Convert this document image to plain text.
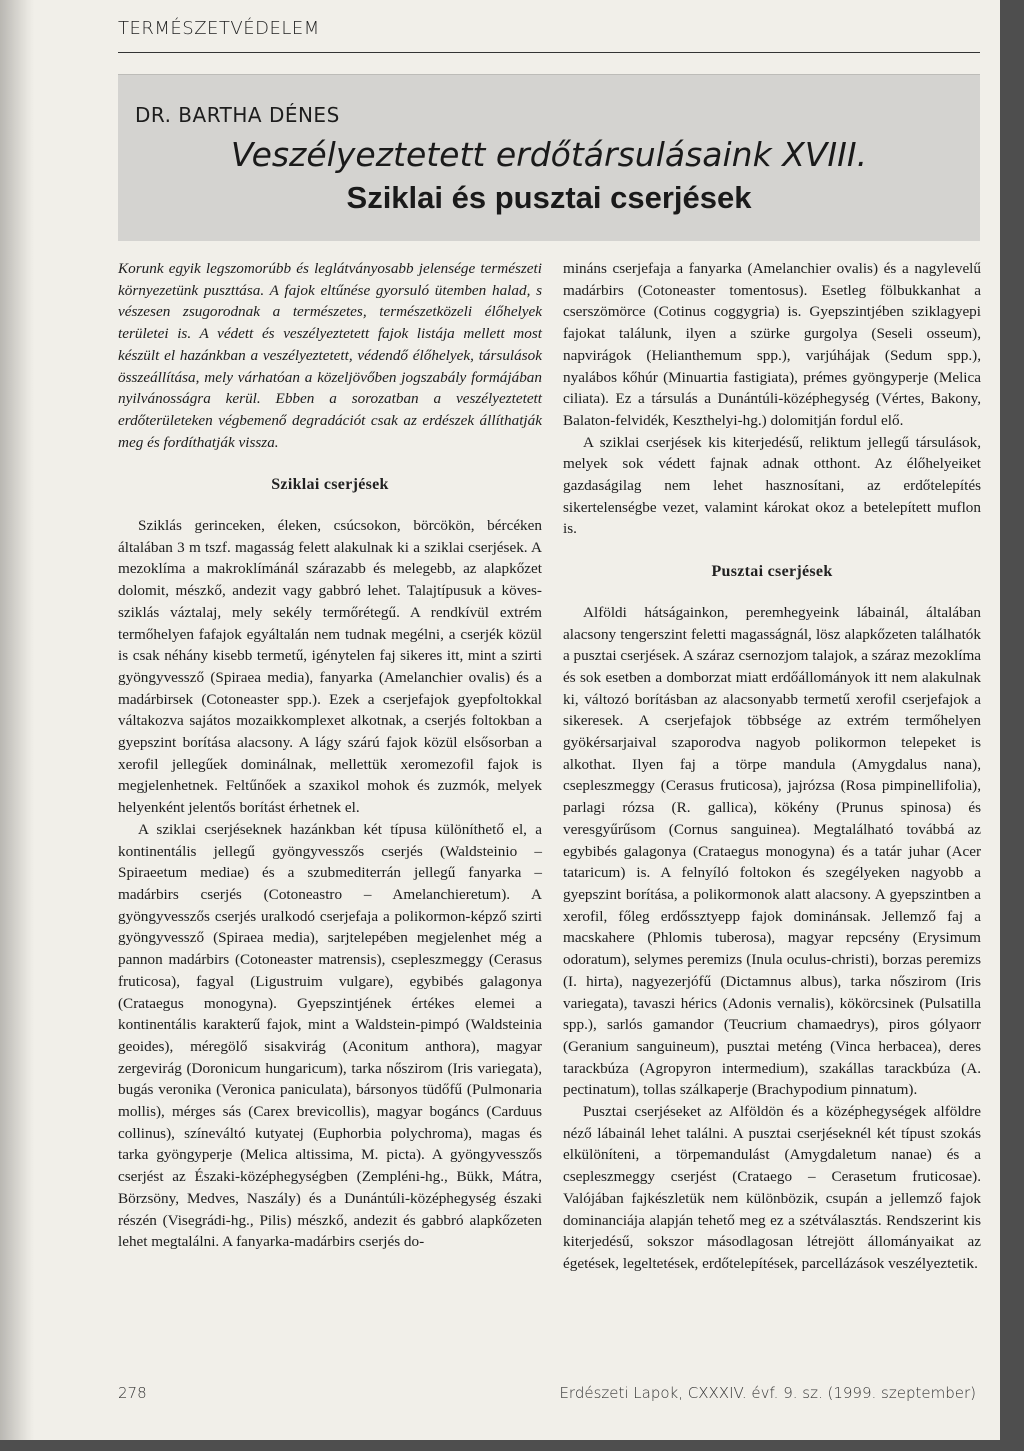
TERMÉSZETVÉDELEM
DR. BARTHA DÉNES
Veszélyeztetett erdőtársulásaink XVIII.
Sziklai és pusztai cserjések

Korunk egyik legszomorúbb és leglátványosabb jelensége természeti környezetünk puszttása. A fajok eltűnése gyorsuló ütemben halad, s vészesen zsugorodnak a természetes, természetközeli élőhelyek területei is. A védett és veszélyeztetett fajok listája mellett most készült el hazánkban a veszélyeztetett, védendő élőhelyek, társulások összeállítása, mely várhatóan a közeljövőben jogszabály formájában nyilvánosságra kerül. Ebben a sorozatban a veszélyeztetett erdőterületeken végbemenő degradációt csak az erdészek állíthatják meg és fordíthatják vissza.

Sziklai cserjések

Sziklás gerinceken, éleken, csúcsokon, börcökön, bércéken általában 3 m tszf. magasság felett alakulnak ki a sziklai cserjések. A mezoklíma a makroklímánál szárazabb és melegebb, az alapkőzet dolomit, mészkő, andezit vagy gabbró lehet. Talajtípusuk a köves-sziklás váztalaj, mely sekély termőrétegű. A rendkívül extrém termőhelyen fafajok egyáltalán nem tudnak megélni, a cserjék közül is csak néhány kisebb termetű, igénytelen faj sikeres itt, mint a szirti gyöngyvessző (Spiraea media), fanyarka (Amelanchier ovalis) és a madárbirsek (Cotoneaster spp.). Ezek a cserjefajok gyepfoltokkal váltakozva sajátos mozaikkomplexet alkotnak, a cserjés foltokban a gyepszint borítása alacsony. A lágy szárú fajok közül elsősorban a xerofil jellegűek dominálnak, mellettük xeromezofil fajok is megjelenhetnek. Feltűnőek a szaxikol mohok és zuzmók, melyek helyenként jelentős borítást érhetnek el.

A sziklai cserjéseknek hazánkban két típusa különíthető el, a kontinentális jellegű gyöngyvesszős cserjés (Waldsteinio – Spiraeetum mediae) és a szubmediterrán jellegű fanyarka – madárbirs cserjés (Cotoneastro – Amelanchieretum). A gyöngyvesszős cserjés uralkodó cserjefajа a polikormon-képző szirti gyöngyvessző (Spiraea media), sarjtelepében megjelenhet még a pannon madárbirs (Cotoneaster matrensis), csepleszmeggy (Cerasus fruticosa), fagyal (Ligustruim vulgare), egybibés galagonya (Crataegus monogyna). Gyepszintjének értékes elemei a kontinentális karakterű fajok, mint a Waldstein-pimpó (Waldsteinia geoides), méregölő sisakvirág (Aconitum anthora), magyar zergevirág (Doronicum hungaricum), tarka nőszirom (Iris variegata), bugás veronika (Veronica paniculata), bársonyos tüdőfű (Pulmonaria mollis), mérges sás (Carex brevicollis), magyar bogáncs (Carduus collinus), színeváltó kutyatej (Euphorbia polychroma), magas és tarka gyöngyperje (Melica altissima, M. picta). A gyöngyvesszős cserjést az Északi-középhegységben (Zempléni-hg., Bükk, Mátra, Börzsöny, Medves, Naszály) és a Dunántúli-középhegység északi részén (Visegrádi-hg., Pilis) mészkő, andezit és gabbró alapkőzeten lehet megtalálni. A fanyarka-madárbirs cserjés do-

mináns cserjefaja a fanyarka (Amelanchier ovalis) és a nagylevelű madárbirs (Cotoneaster tomentosus). Esetleg fölbukkanhat a cserszömörce (Cotinus coggygria) is. Gyepszintjében sziklagyepi fajokat találunk, ilyen a szürke gurgolya (Seseli osseum), napvirágok (Helianthemum spp.), varjúhájak (Sedum spp.), nyalábos kőhúr (Minuartia fastigiata), prémes gyöngyperje (Melica ciliata). Ez a társulás a Dunántúli-középhegység (Vértes, Bakony, Balaton-felvidék, Keszthelyi-hg.) dolomitján fordul elő.

A sziklai cserjések kis kiterjedésű, reliktum jellegű társulások, melyek sok védett fajnak adnak otthont. Az élőhelyeiket gazdaságilag nem lehet hasznosítani, az erdőtelepítés sikertelenségbe vezet, valamint károkat okoz a betelepített muflon is.

Pusztai cserjések

Alföldi hátságainkon, peremhegyeink lábainál, általában alacsony tengerszint feletti magasságnál, lösz alapkőzeten találhatók a pusztai cserjések. A száraz csernozjom talajok, a száraz mezoklíma és sok esetben a domborzat miatt erdőállományok itt nem alakulnak ki, változó borításban az alacsonyabb termetű xerofil cserjefajok a sikeresek. A cserjefajok többsége az extrém termőhelyen gyökérsarjaival szaporodva nagyob polikormon telepeket is alkothat. Ilyen faj a törpe mandula (Amygdalus nana), csepleszmeggy (Cerasus fruticosa), jajrózsa (Rosa pimpinellifolia), parlagi rózsa (R. gallica), kökény (Prunus spinosa) és veresgyűrűsom (Cornus sanguinea). Megtalálható továbbá az egybibés galagonya (Crataegus monogyna) és a tatár juhar (Acer tataricum) is. A felnyíló foltokon és szegélyeken nagyobb a gyepszint borítása, a polikormonok alatt alacsony. A gyepszintben a xerofil, főleg erdőssztyepp fajok dominánsak. Jellemző faj a macskahere (Phlomis tuberosa), magyar repcsény (Erysimum odoratum), selymes peremizs (Inula oculus-christi), borzas peremizs (I. hirta), nagyezerjófű (Dictamnus albus), tarka nőszirom (Iris variegata), tavaszi hérics (Adonis vernalis), kökörcsinek (Pulsatilla spp.), sarlós gamandor (Teucrium chamaedrys), piros gólyaorr (Geranium sanguineum), pusztai meténg (Vinca herbacea), deres tarackbúza (Agropyron intermedium), szakállas tarackbúza (A. pectinatum), tollas szálkaperje (Brachypodium pinnatum).

Pusztai cserjéseket az Alföldön és a középhegységek alföldre néző lábainál lehet találni. A pusztai cserjéseknél két típust szokás elkülöníteni, a törpemandulást (Amygdaletum nanae) és a csepleszmeggy cserjést (Crataego – Cerasetum fruticosae). Valójában fajkészletük nem különbözik, csupán a jellemző fajok dominanciája alapján tehető meg ez a szétválasztás. Rendszerint kis kiterjedésű, sokszor másodlagosan létrejött állományaikat az égetések, legeltetések, erdőtelepítések, parcellázások veszélyeztetik.

278	Erdészeti Lapok, CXXXIV. évf. 9. sz. (1999. szeptember)
